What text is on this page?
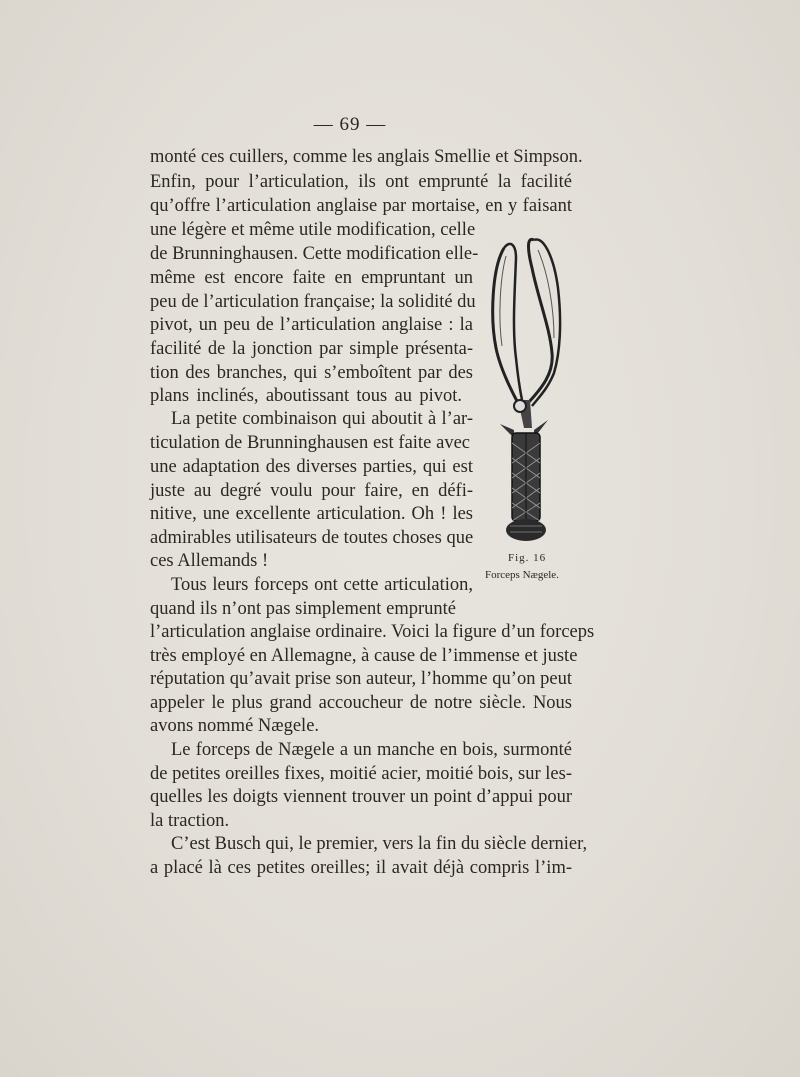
— 69 —
monté ces cuillers, comme les anglais Smellie et Simpson.
Enfin, pour l’articulation, ils ont emprunté la facilité
qu’offre l’articulation anglaise par mortaise, en y faisant
une légère et même utile modification, celle
de Brunninghausen. Cette modification elle-
même est encore faite en empruntant un
peu de l’articulation française; la solidité du
pivot, un peu de l’articulation anglaise : la
facilité de la jonction par simple présenta-
tion des branches, qui s’emboîtent par des
plans inclinés, aboutissant tous au pivot.
La petite combinaison qui aboutit à l’ar-
ticulation de Brunninghausen est faite avec
une adaptation des diverses parties, qui est
juste au degré voulu pour faire, en défi-
nitive, une excellente articulation. Oh ! les
admirables utilisateurs de toutes choses que
ces Allemands !
Tous leurs forceps ont cette articulation,
quand ils n’ont pas simplement emprunté
l’articulation anglaise ordinaire. Voici la figure d’un forceps
très employé en Allemagne, à cause de l’immense et juste
réputation qu’avait prise son auteur, l’homme qu’on peut
appeler le plus grand accoucheur de notre siècle. Nous
avons nommé Nægele.
Le forceps de Nægele a un manche en bois, surmonté
de petites oreilles fixes, moitié acier, moitié bois, sur les-
quelles les doigts viennent trouver un point d’appui pour
la traction.
C’est Busch qui, le premier, vers la fin du siècle dernier,
a placé là ces petites oreilles; il avait déjà compris l’im-
Fig. 16
Forceps Nægele.
